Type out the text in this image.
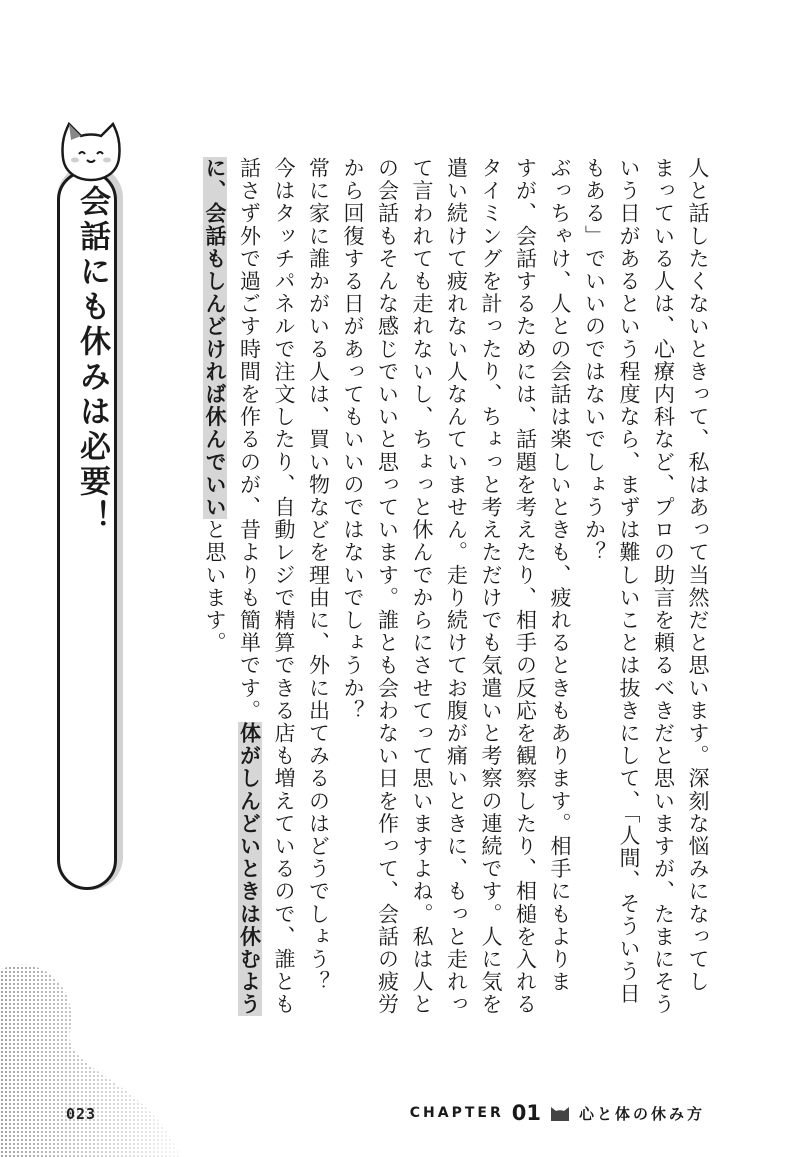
会話にも休みは必要！	人と話したくないときって、私はあって当然だと思います。深刻な悩みになってし
まっている人は、心療内科など、プロの助言を頼るべきだと思いますが、たまにそう
いう日があるという程度なら、まずは難しいことは抜きにして、「人間、そういう日
もある」でいいのではないでしょうか？

ぶっちゃけ、人との会話は楽しいときも、疲れるときもあります。相手にもよりま
すが、会話するためには、話題を考えたり、相手の反応を観察したり、相槌を入れる
タイミングを計ったり、ちょっと考えただけでも気遣いと考察の連続です。人に気を
遣い続けて疲れない人なんていません。走り続けてお腹が痛いときに、もっと走れっ
て言われても走れないし、ちょっと休んでからにさせてって思いますよね。私は人と
の会話もそんな感じでいいと思っています。誰とも会わない日を作って、会話の疲労
から回復する日があってもいいのではないでしょうか？

常に家に誰かがいる人は、買い物などを理由に、外に出てみるのはどうでしょう？
今はタッチパネルで注文したり、自動レジで精算できる店も増えているので、誰とも
話さず外で過ごす時間を作るのが、昔よりも簡単です。体がしんどいときは休むよう
に、会話もしんどければ休んでいいと思います。

023	CHAPTER 01	心と体の休み方
